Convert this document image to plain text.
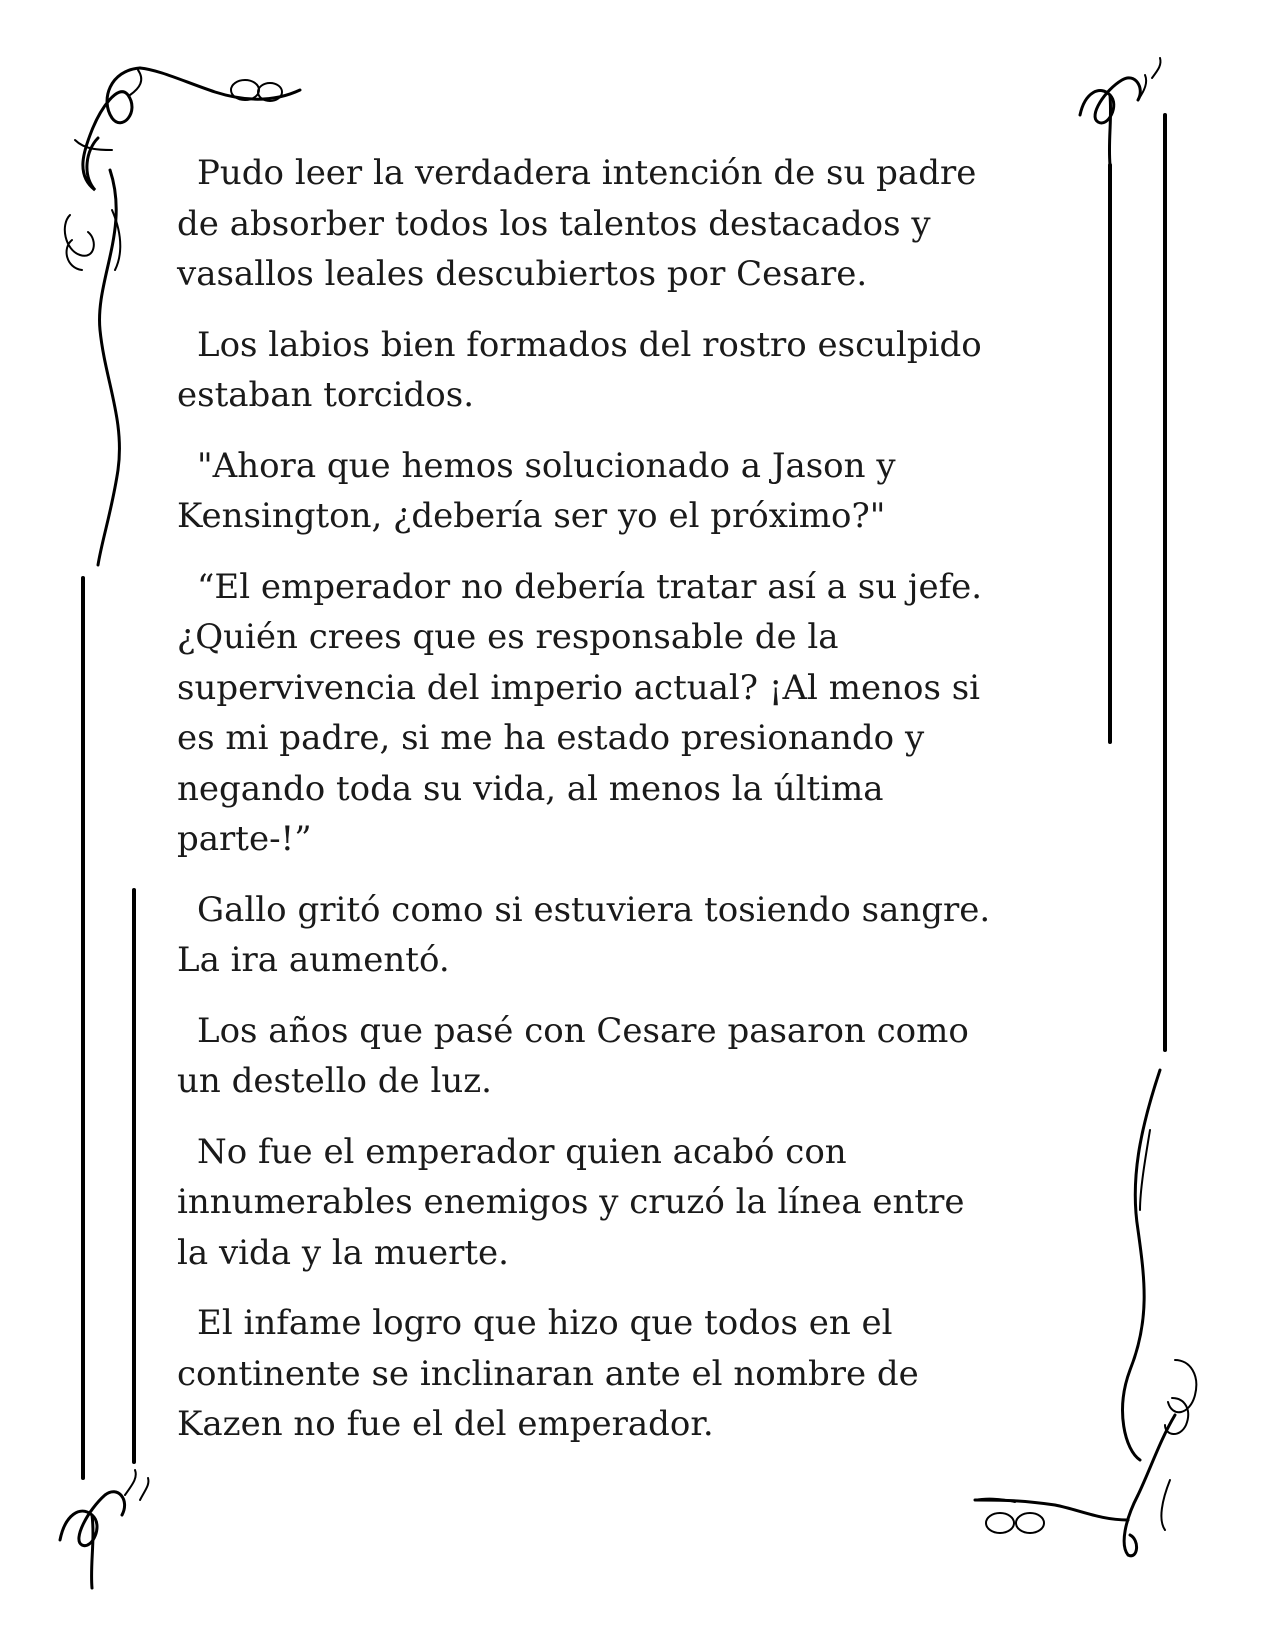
Pudo leer la verdadera intención de su padre
de absorber todos los talentos destacados y
vasallos leales descubiertos por Cesare.

Los labios bien formados del rostro esculpido
estaban torcidos.

"Ahora que hemos solucionado a Jason y
Kensington, ¿debería ser yo el próximo?"

“El emperador no debería tratar así a su jefe.
¿Quién crees que es responsable de la
supervivencia del imperio actual? ¡Al menos si
es mi padre, si me ha estado presionando y
negando toda su vida, al menos la última
parte-!”

Gallo gritó como si estuviera tosiendo sangre.
La ira aumentó.

Los años que pasé con Cesare pasaron como
un destello de luz.

No fue el emperador quien acabó con
innumerables enemigos y cruzó la línea entre
la vida y la muerte.

El infame logro que hizo que todos en el
continente se inclinaran ante el nombre de
Kazen no fue el del emperador.
